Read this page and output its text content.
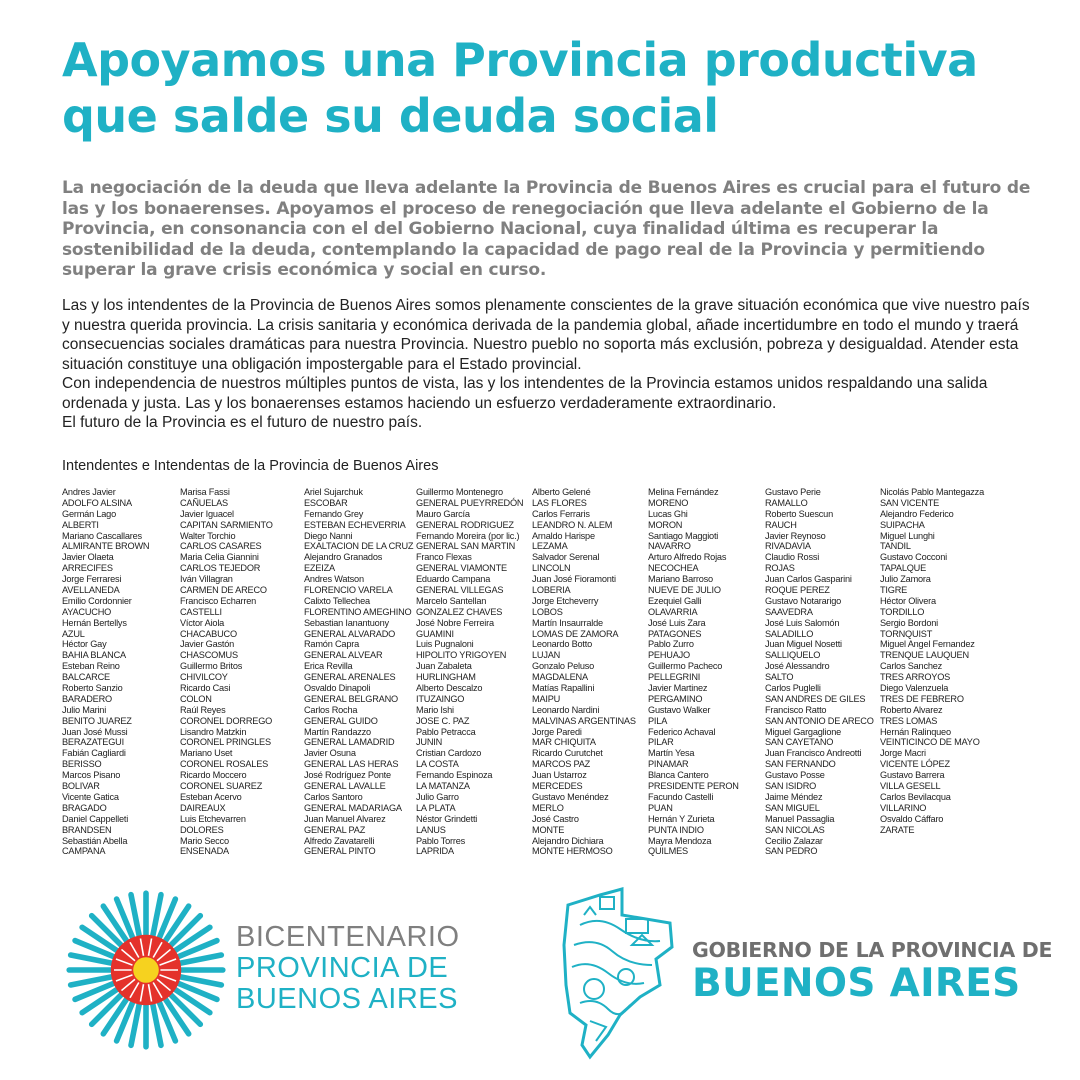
Apoyamos una Provincia productiva
que salde su deuda social

La negociación de la deuda que lleva adelante la Provincia de Buenos Aires es crucial para el futuro de las y los bonaerenses. Apoyamos el proceso de renegociación que lleva adelante el Gobierno de la Provincia, en consonancia con el del Gobierno Nacional, cuya finalidad última es recuperar la sostenibilidad de la deuda, contemplando la capacidad de pago real de la Provincia y permitiendo superar la grave crisis económica y social en curso.

Las y los intendentes de la Provincia de Buenos Aires somos plenamente conscientes de la grave situación económica que vive nuestro país y nuestra querida provincia. La crisis sanitaria y económica derivada de la pandemia global, añade incertidumbre en todo el mundo y traerá consecuencias sociales dramáticas para nuestra Provincia. Nuestro pueblo no soporta más exclusión, pobreza y desigualdad. Atender esta situación constituye una obligación impostergable para el Estado provincial.
Con independencia de nuestros múltiples puntos de vista, las y los intendentes de la Provincia estamos unidos respaldando una salida ordenada y justa. Las y los bonaerenses estamos haciendo un esfuerzo verdaderamente extraordinario.
El futuro de la Provincia es el futuro de nuestro país.

Intendentes e Intendentas de la Provincia de Buenos Aires

Andres Javier
ADOLFO ALSINA
Germán Lago
ALBERTI
Mariano Cascallares
ALMIRANTE BROWN
Javier Olaeta
ARRECIFES
Jorge Ferraresi
AVELLANEDA
Emilio Cordonnier
AYACUCHO
Hernán Bertellys
AZUL
Héctor Gay
BAHIA BLANCA
Esteban Reino
BALCARCE
Roberto Sanzio
BARADERO
Julio Marini
BENITO JUAREZ
Juan José Mussi
BERAZATEGUI
Fabián Cagliardi
BERISSO
Marcos Pisano
BOLIVAR
Vicente Gatica
BRAGADO
Daniel Cappelleti
BRANDSEN
Sebastián Abella
CAMPANA
Marisa Fassi
CAÑUELAS
Javier Iguacel
CAPITAN SARMIENTO
Walter Torchio
CARLOS CASARES
Maria Celia Giannini
CARLOS TEJEDOR
Iván Villagran
CARMEN DE ARECO
Francisco Echarren
CASTELLI
Víctor Aiola
CHACABUCO
Javier Gastón
CHASCOMUS
Guillermo Britos
CHIVILCOY
Ricardo Casi
COLON
Raúl Reyes
CORONEL DORREGO
Lisandro Matzkin
CORONEL PRINGLES
Mariano Uset
CORONEL ROSALES
Ricardo Moccero
CORONEL SUAREZ
Esteban Acervo
DAIREAUX
Luis Etchevarren
DOLORES
Mario Secco
ENSENADA
Ariel Sujarchuk
ESCOBAR
Fernando Grey
ESTEBAN ECHEVERRIA
Diego Nanni
EXALTACION DE LA CRUZ
Alejandro Granados
EZEIZA
Andres Watson
FLORENCIO VARELA
Calixto Tellechea
FLORENTINO AMEGHINO
Sebastian Ianantuony
GENERAL ALVARADO
Ramón Capra
GENERAL ALVEAR
Erica Revilla
GENERAL ARENALES
Osvaldo Dinapoli
GENERAL BELGRANO
Carlos Rocha
GENERAL GUIDO
Martín Randazzo
GENERAL LAMADRID
Javier Osuna
GENERAL LAS HERAS
José Rodríguez Ponte
GENERAL LAVALLE
Carlos Santoro
GENERAL MADARIAGA
Juan Manuel Alvarez
GENERAL PAZ
Alfredo Zavatarelli
GENERAL PINTO
Guillermo Montenegro
GENERAL PUEYRREDÓN
Mauro García
GENERAL RODRIGUEZ
Fernando Moreira (por lic.)
GENERAL SAN MARTIN
Franco Flexas
GENERAL VIAMONTE
Eduardo Campana
GENERAL VILLEGAS
Marcelo Santellan
GONZALEZ CHAVES
José Nobre Ferreira
GUAMINI
Luis Pugnaloni
HIPOLITO YRIGOYEN
Juan Zabaleta
HURLINGHAM
Alberto Descalzo
ITUZAINGO
Mario Ishi
JOSE C. PAZ
Pablo Petracca
JUNIN
Cristian Cardozo
LA COSTA
Fernando Espinoza
LA MATANZA
Julio Garro
LA PLATA
Néstor Grindetti
LANUS
Pablo Torres
LAPRIDA
Alberto Gelené
LAS FLORES
Carlos Ferraris
LEANDRO N. ALEM
Arnaldo Harispe
LEZAMA
Salvador Serenal
LINCOLN
Juan José Fioramonti
LOBERIA
Jorge Etcheverry
LOBOS
Martín Insaurralde
LOMAS DE ZAMORA
Leonardo Botto
LUJAN
Gonzalo Peluso
MAGDALENA
Matías Rapallini
MAIPU
Leonardo Nardini
MALVINAS ARGENTINAS
Jorge Paredi
MAR CHIQUITA
Ricardo Curutchet
MARCOS PAZ
Juan Ustarroz
MERCEDES
Gustavo Menéndez
MERLO
José Castro
MONTE
Alejandro Dichiara
MONTE HERMOSO
Melina Fernández
MORENO
Lucas Ghi
MORON
Santiago Maggioti
NAVARRO
Arturo Alfredo Rojas
NECOCHEA
Mariano Barroso
NUEVE DE JULIO
Ezequiel Galli
OLAVARRIA
José Luis Zara
PATAGONES
Pablo Zurro
PEHUAJO
Guillermo Pacheco
PELLEGRINI
Javier Martinez
PERGAMINO
Gustavo Walker
PILA
Federico Achaval
PILAR
Martín Yesa
PINAMAR
Blanca Cantero
PRESIDENTE PERON
Facundo Castelli
PUAN
Hernán Y Zurieta
PUNTA INDIO
Mayra Mendoza
QUILMES
Gustavo Perie
RAMALLO
Roberto Suescun
RAUCH
Javier Reynoso
RIVADAVIA
Claudio Rossi
ROJAS
Juan Carlos Gasparini
ROQUE PEREZ
Gustavo Notararigo
SAAVEDRA
José Luis Salomón
SALADILLO
Juan Miguel Nosetti
SALLIQUELO
José Alessandro
SALTO
Carlos Puglelli
SAN ANDRES DE GILES
Francisco Ratto
SAN ANTONIO DE ARECO
Miguel Gargaglione
SAN CAYETANO
Juan Francisco Andreotti
SAN FERNANDO
Gustavo Posse
SAN ISIDRO
Jaime Méndez
SAN MIGUEL
Manuel Passaglia
SAN NICOLAS
Cecilio Zalazar
SAN PEDRO
Nicolás Pablo Mantegazza
SAN VICENTE
Alejandro Federico
SUIPACHA
Miguel Lunghi
TANDIL
Gustavo Cocconi
TAPALQUE
Julio Zamora
TIGRE
Héctor Olivera
TORDILLO
Sergio Bordoni
TORNQUIST
Miguel Angel Fernandez
TRENQUE LAUQUEN
Carlos Sanchez
TRES ARROYOS
Diego Valenzuela
TRES DE FEBRERO
Roberto Alvarez
TRES LOMAS
Hernán Ralinqueo
VEINTICINCO DE MAYO
Jorge Macri
VICENTE LÓPEZ
Gustavo Barrera
VILLA GESELL
Carlos Bevilacqua
VILLARINO
Osvaldo Cáffaro
ZARATE
BICENTENARIO
PROVINCIA DE
BUENOS AIRES
GOBIERNO DE LA PROVINCIA DE
BUENOS AIRES
